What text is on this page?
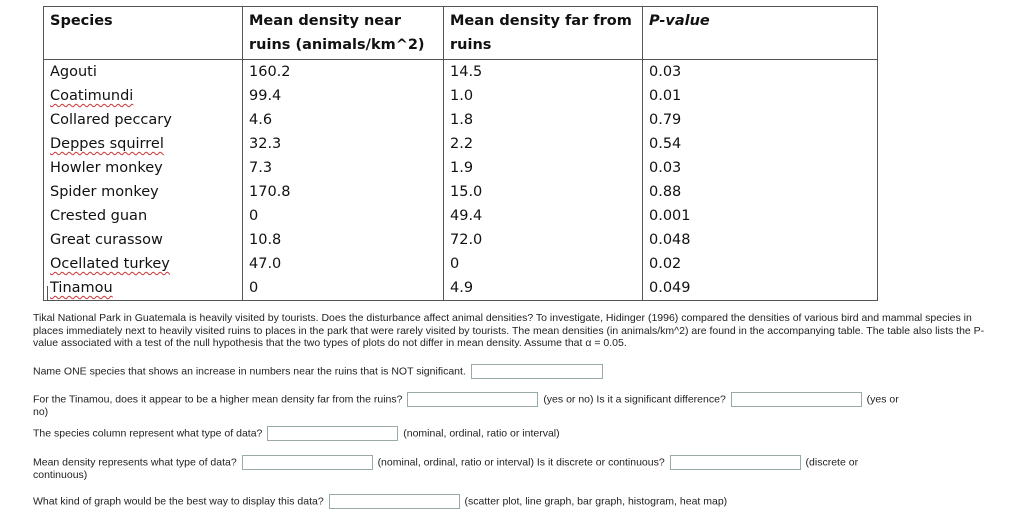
Species	Mean density near ruins (animals/km^2)	Mean density far from ruins	P-value
Agouti	160.2	14.5	0.03
Coatimundi	99.4	1.0	0.01
Collared peccary	4.6	1.8	0.79
Deppes squirrel	32.3	2.2	0.54
Howler monkey	7.3	1.9	0.03
Spider monkey	170.8	15.0	0.88
Crested guan	0	49.4	0.001
Great curassow	10.8	72.0	0.048
Ocellated turkey	47.0	0	0.02
Tinamou	0	4.9	0.049

Tikal National Park in Guatemala is heavily visited by tourists. Does the disturbance affect animal densities? To investigate, Hidinger (1996) compared the densities of various bird and mammal species in places immediately next to heavily visited ruins to places in the park that were rarely visited by tourists. The mean densities (in animals/km^2) are found in the accompanying table. The table also lists the P-value associated with a test of the null hypothesis that the two types of plots do not differ in mean density. Assume that α = 0.05.

Name ONE species that shows an increase in numbers near the ruins that is NOT significant.
For the Tinamou, does it appear to be a higher mean density far from the ruins?	(yes or no) Is it a significant difference?	(yes or
no)
The species column represent what type of data?	(nominal, ordinal, ratio or interval)
Mean density represents what type of data?	(nominal, ordinal, ratio or interval) Is it discrete or continuous?	(discrete or
continuous)
What kind of graph would be the best way to display this data?	(scatter plot, line graph, bar graph, histogram, heat map)
